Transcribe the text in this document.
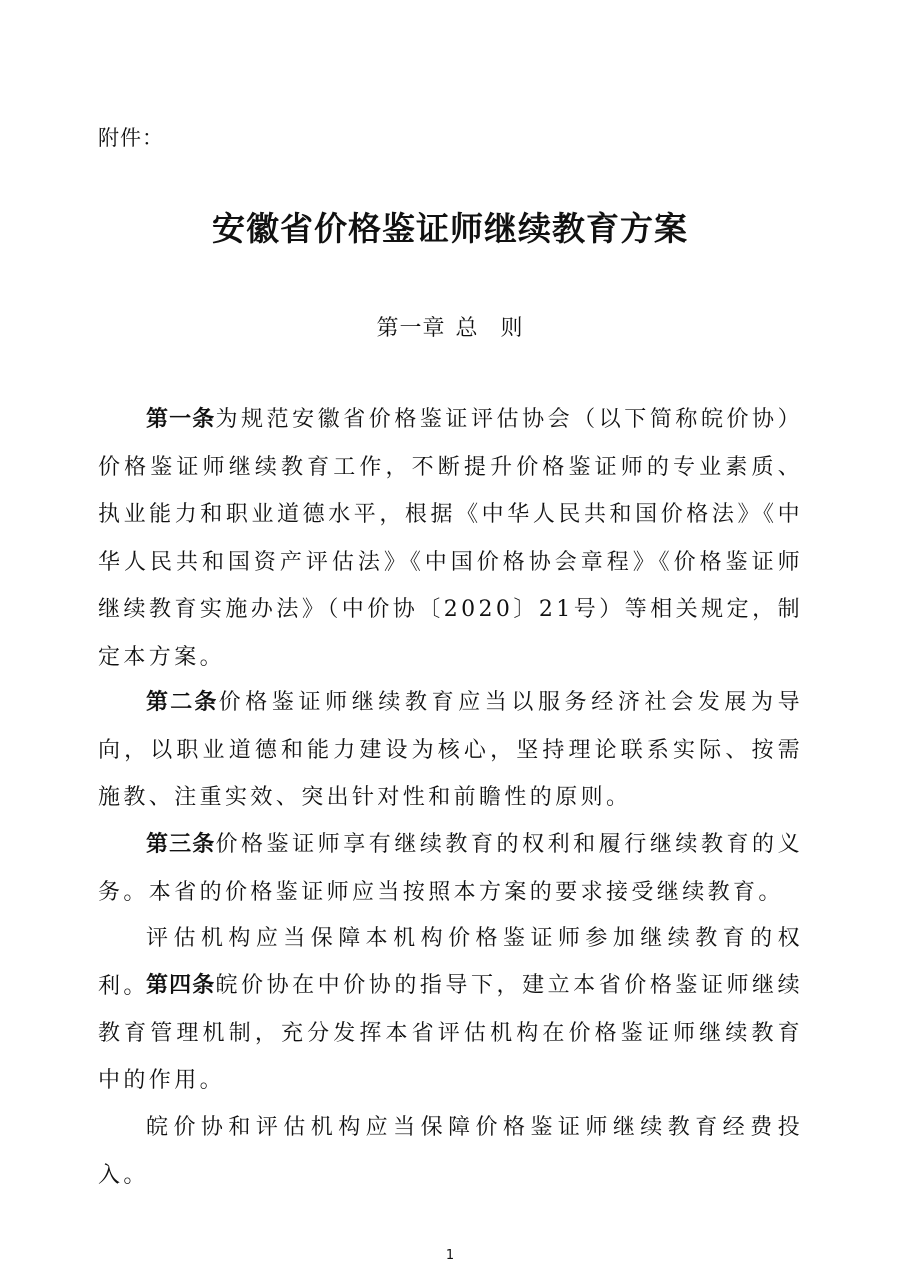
附件：
安徽省价格鉴证师继续教育方案
第一章 总 则

第一条为规范安徽省价格鉴证评估协会（以下简称皖价协）价格鉴证师继续教育工作，不断提升价格鉴证师的专业素质、执业能力和职业道德水平，根据《中华人民共和国价格法》《中华人民共和国资产评估法》《中国价格协会章程》《价格鉴证师继续教育实施办法》（中价协〔2020〕21号）等相关规定，制定本方案。

第二条价格鉴证师继续教育应当以服务经济社会发展为导向，以职业道德和能力建设为核心，坚持理论联系实际、按需施教、注重实效、突出针对性和前瞻性的原则。

第三条价格鉴证师享有继续教育的权利和履行继续教育的义务。本省的价格鉴证师应当按照本方案的要求接受继续教育。

评估机构应当保障本机构价格鉴证师参加继续教育的权利。

第四条皖价协在中价协的指导下，建立本省价格鉴证师继续教育管理机制，充分发挥本省评估机构在价格鉴证师继续教育中的作用。

皖价协和评估机构应当保障价格鉴证师继续教育经费投入。

1
